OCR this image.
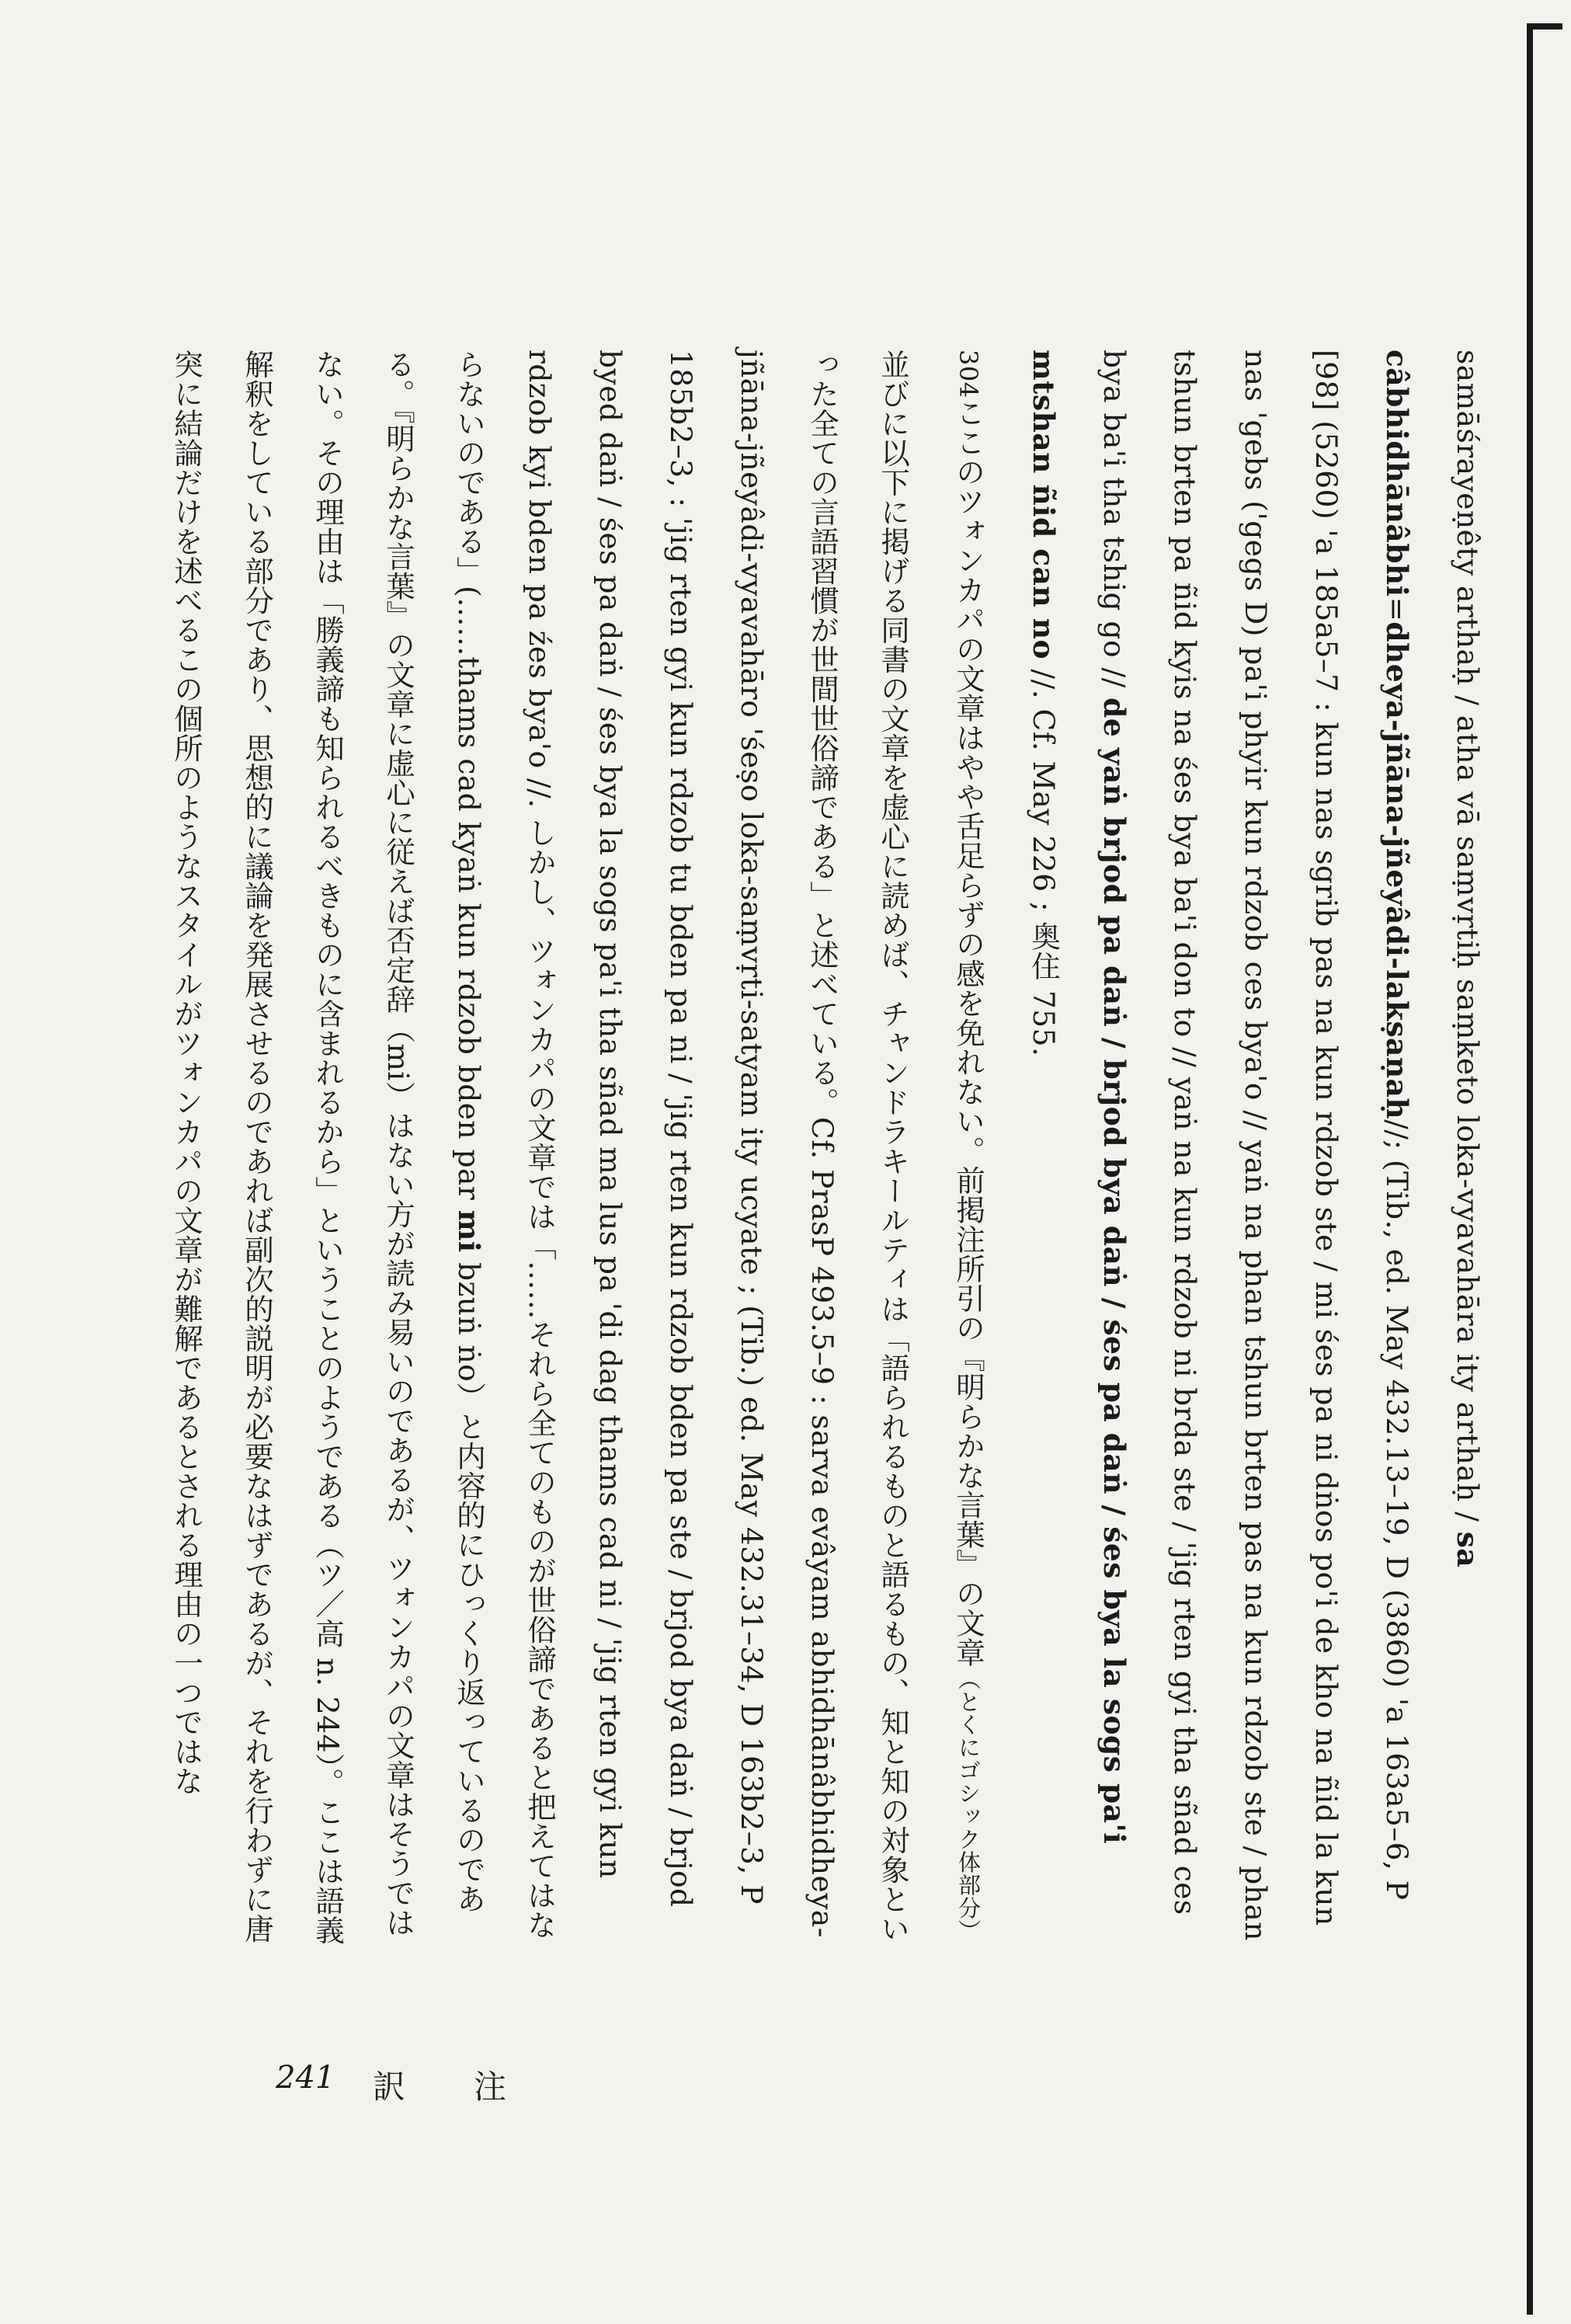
samāśrayeṇêty arthaḥ / atha vā saṃvṛtiḥ saṃketo loka-vyavahāra ity arthaḥ / sa câbhidhānâbhi=dheya-jñāna-jñeyâdi-lakṣaṇaḥ//; (Tib., ed. May 432.13–19, D (3860) 'a 163a5–6, P [98] (5260) 'a 185a5–7 : kun nas sgrib pas na kun rdzob ste / mi śes pa ni dṅos po'i de kho na ñid la kun nas 'gebs ('gegs D) pa'i phyir kun rdzob ces bya'o // yaṅ na phan tshun brten pas na kun rdzob ste / phan tshun brten pa ñid kyis na śes bya ba'i don to // yaṅ na kun rdzob ni brda ste / 'jig rten gyi tha sñad ces bya ba'i tha tshig go // de yaṅ brjod pa daṅ / brjod bya daṅ / śes pa daṅ / śes bya la sogs pa'i mtshan ñid can no //. Cf. May 226 ; 奥住 755.

304ここのツォンカパの文章はやや舌足らずの感を免れない。前掲注所引の『明らかな言葉』の文章（とくにゴシック体部分）並びに以下に掲げる同書の文章を虚心に読めば、チャンドラキールティは「語られるものと語るもの、知と知の対象といった全ての言語習慣が世間世俗諦である」と述べている。Cf. PrasP 493.5–9 : sarva evâyam abhidhānâbhidheya-jñāna-jñeyâdi-vyavahāro 'śeṣo loka-saṃvṛti-satyam ity ucyate ; (Tib.) ed. May 432.31–34, D 163b2–3, P 185b2–3, : 'jig rten gyi kun rdzob tu bden pa ni / 'jig rten kun rdzob bden pa ste / brjod bya daṅ / brjod byed daṅ / śes pa daṅ / śes bya la sogs pa'i tha sñad ma lus pa 'di dag thams cad ni / 'jig rten gyi kun rdzob kyi bden pa źes bya'o //. しかし、ツォンカパの文章では「……それら全てのものが世俗諦であると把えてはならないのである」(……thams cad kyaṅ kun rdzob bden par mi bzuṅ ṅo）と内容的にひっくり返っているのである。『明らかな言葉』の文章に虚心に従えば否定辞（mi）はない方が読み易いのであるが、ツォンカパの文章はそうではない。その理由は「勝義諦も知られるべきものに含まれるから」ということのようである（ツ／高 n. 244）。ここは語義解釈をしている部分であり、思想的に議論を発展させるのであれば副次的説明が必要なはずであるが、それを行わずに唐突に結論だけを述べるこの個所のようなスタイルがツォンカパの文章が難解であるとされる理由の一つではな

241 訳 注
